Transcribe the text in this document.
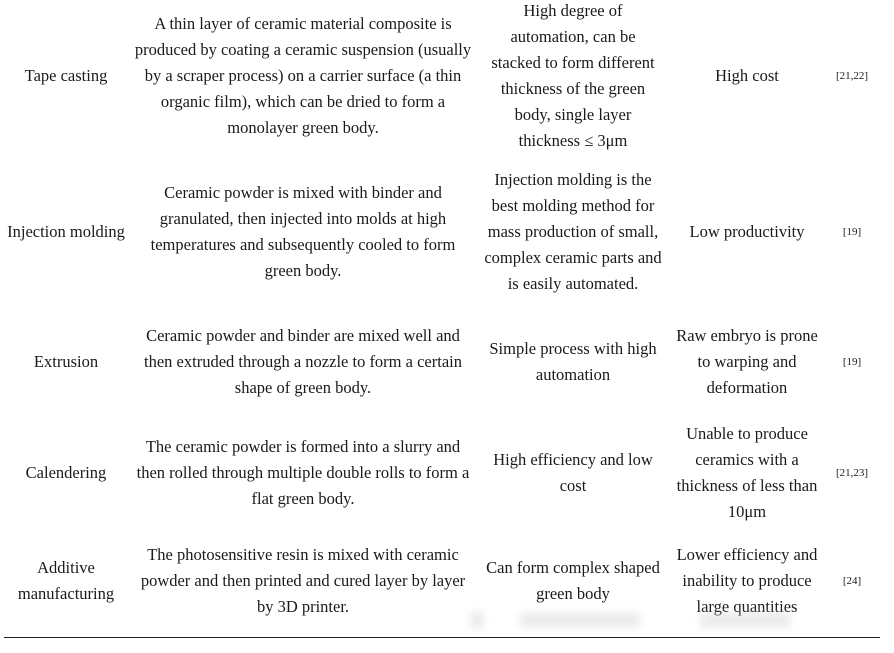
Tape casting
A thin layer of ceramic material composite is produced by coating a ceramic suspension (usually by a scraper process) on a carrier surface (a thin organic film), which can be dried to form a monolayer green body.
High degree of automation, can be stacked to form different thickness of the green body, single layer thickness ≤ 3μm
High cost	[21,22]
Injection molding
Ceramic powder is mixed with binder and granulated, then injected into molds at high temperatures and subsequently cooled to form green body.
Injection molding is the best molding method for mass production of small, complex ceramic parts and is easily automated.
Low productivity	[19]
Extrusion
Ceramic powder and binder are mixed well and then extruded through a nozzle to form a certain shape of green body.
Simple process with high automation
Raw embryo is prone to warping and deformation
[19]
Calendering
The ceramic powder is formed into a slurry and then rolled through multiple double rolls to form a flat green body.
High efficiency and low cost
Unable to produce ceramics with a thickness of less than 10μm
[21,23]
Additive manufacturing
The photosensitive resin is mixed with ceramic powder and then printed and cured layer by layer by 3D printer.
Can form complex shaped green body
Lower efficiency and inability to produce large quantities
[24]
